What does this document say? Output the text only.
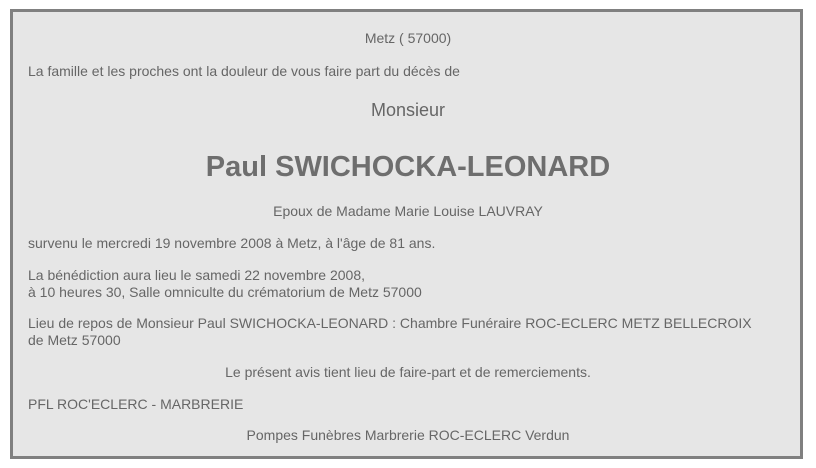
Metz ( 57000)
La famille et les proches ont la douleur de vous faire part du décès de
Monsieur
Paul SWICHOCKA-LEONARD
Epoux de Madame Marie Louise LAUVRAY
survenu le mercredi 19 novembre 2008 à Metz, à l'âge de 81 ans.
La bénédiction aura lieu le samedi 22 novembre 2008,
à 10 heures 30, Salle omniculte du crématorium de Metz 57000
Lieu de repos de Monsieur Paul SWICHOCKA-LEONARD : Chambre Funéraire ROC-ECLERC METZ BELLECROIX
de Metz 57000
Le présent avis tient lieu de faire-part et de remerciements.
PFL ROC'ECLERC - MARBRERIE
Pompes Funèbres Marbrerie ROC-ECLERC Verdun
